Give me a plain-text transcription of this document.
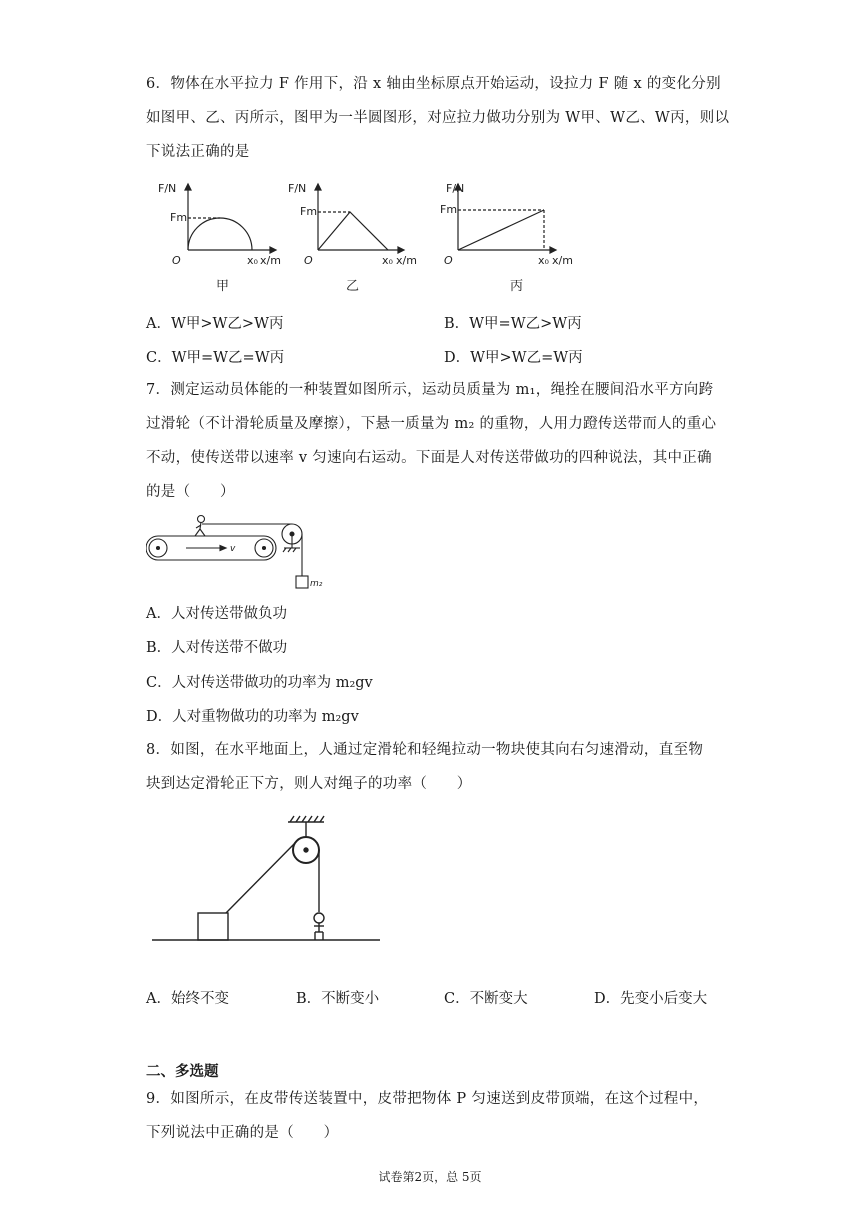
6．物体在水平拉力 F 作用下，沿 x 轴由坐标原点开始运动，设拉力 F 随 x 的变化分别
如图甲、乙、丙所示，图甲为一半圆图形，对应拉力做功分别为 W甲、W乙、W丙，则以
下说法正确的是
F/N
Fm
O	x₀ x/m
甲
F/N
Fm
O	x₀ x/m
乙
F/N
Fm
O	x₀ x/m
丙
A．W甲>W乙>W丙	B．W甲=W乙>W丙
C．W甲=W乙=W丙	D．W甲>W乙=W丙
7．测定运动员体能的一种装置如图所示，运动员质量为 m₁，绳拴在腰间沿水平方向跨
过滑轮（不计滑轮质量及摩擦），下悬一质量为 m₂ 的重物，人用力蹬传送带而人的重心
不动，使传送带以速率 v 匀速向右运动。下面是人对传送带做功的四种说法，其中正确
的是（　　）
v
m₂
A．人对传送带做负功
B．人对传送带不做功
C．人对传送带做功的功率为 m₂gv
D．人对重物做功的功率为 m₂gv
8．如图，在水平地面上，人通过定滑轮和轻绳拉动一物块使其向右匀速滑动，直至物
块到达定滑轮正下方，则人对绳子的功率（　　）
A．始终不变	B．不断变小	C．不断变大	D．先变小后变大
二、多选题
9．如图所示，在皮带传送装置中，皮带把物体 P 匀速送到皮带顶端，在这个过程中，
下列说法中正确的是（　　）
试卷第2页，总 5页
